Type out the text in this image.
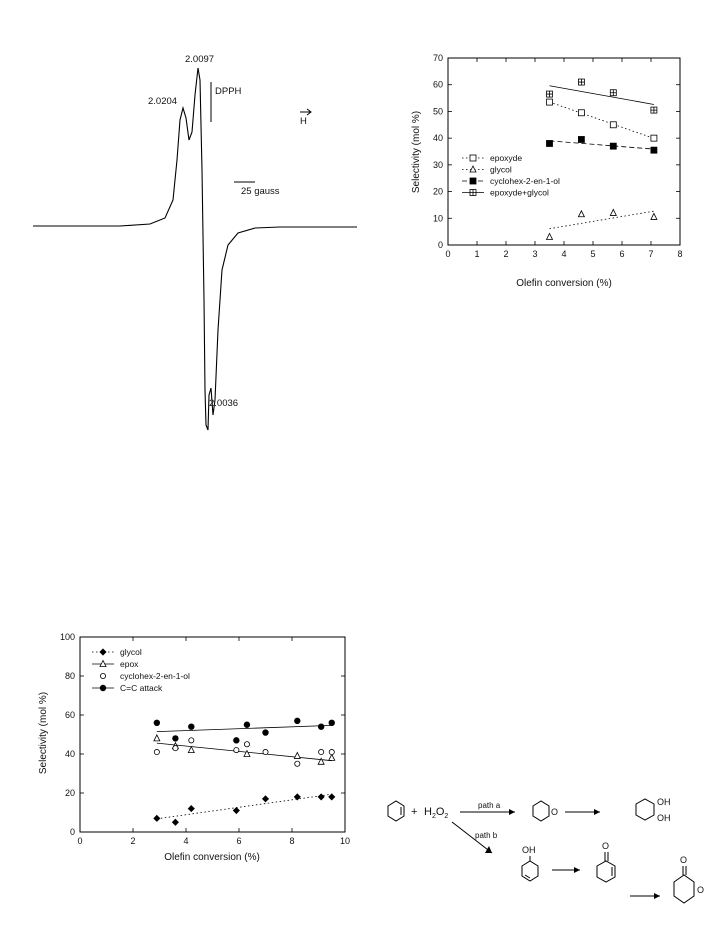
2.0204
2.0097
2.0036
DPPH
H
25 gauss
0	1	2	3	4	5	6	7	8
0
10
20
30
40
50
60
70
epoxyde
glycol
cyclohex-2-en-1-ol
epoxyde+glycol
Olefin conversion (%)
Selectivity (mol %)
0	2	4	6	8	10
0
20
40
60
80
100
glycol
epox
cyclohex-2-en-1-ol
C=C attack
Olefin conversion (%)
Selectivity (mol %)
+ $H_2O_2$
path a
O
OH
OH
path b
OH	O
O
O
